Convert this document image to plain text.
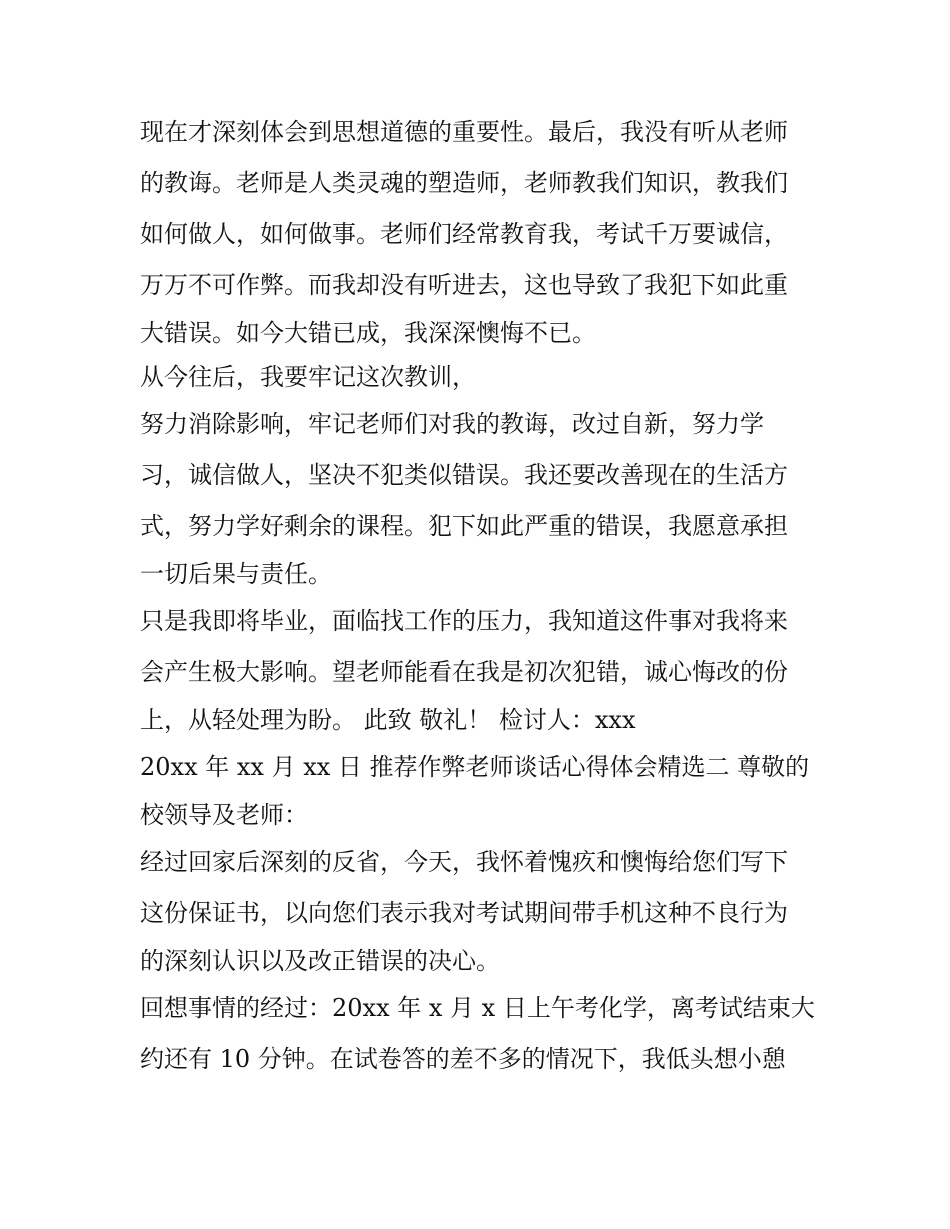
现在才深刻体会到思想道德的重要性。最后，我没有听从老师
的教诲。老师是人类灵魂的塑造师，老师教我们知识，教我们
如何做人，如何做事。老师们经常教育我，考试千万要诚信，
万万不可作弊。而我却没有听进去，这也导致了我犯下如此重
大错误。如今大错已成，我深深懊悔不已。
从今往后，我要牢记这次教训，
努力消除影响，牢记老师们对我的教诲，改过自新，努力学
习，诚信做人，坚决不犯类似错误。我还要改善现在的生活方
式，努力学好剩余的课程。犯下如此严重的错误，我愿意承担
一切后果与责任。
只是我即将毕业，面临找工作的压力，我知道这件事对我将来
会产生极大影响。望老师能看在我是初次犯错，诚心悔改的份
上，从轻处理为盼。 此致 敬礼！ 检讨人：xxx
20xx 年 xx 月 xx 日 推荐作弊老师谈话心得体会精选二 尊敬的
校领导及老师：
经过回家后深刻的反省，今天，我怀着愧疚和懊悔给您们写下
这份保证书，以向您们表示我对考试期间带手机这种不良行为
的深刻认识以及改正错误的决心。
回想事情的经过：20xx 年 x 月 x 日上午考化学，离考试结束大
约还有 10 分钟。在试卷答的差不多的情况下，我低头想小憩
